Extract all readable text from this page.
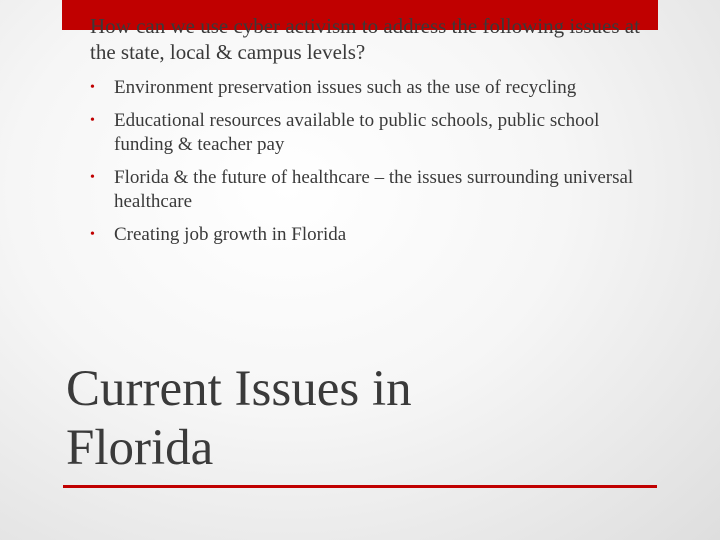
How can we use cyber activism to address the following issues at the state, local & campus levels?

•	Environment preservation issues such as the use of recycling
•	Educational resources available to public schools, public school funding & teacher pay
•	Florida & the future of healthcare – the issues surrounding universal healthcare
•	Creating job growth in Florida
Current Issues in
Florida
